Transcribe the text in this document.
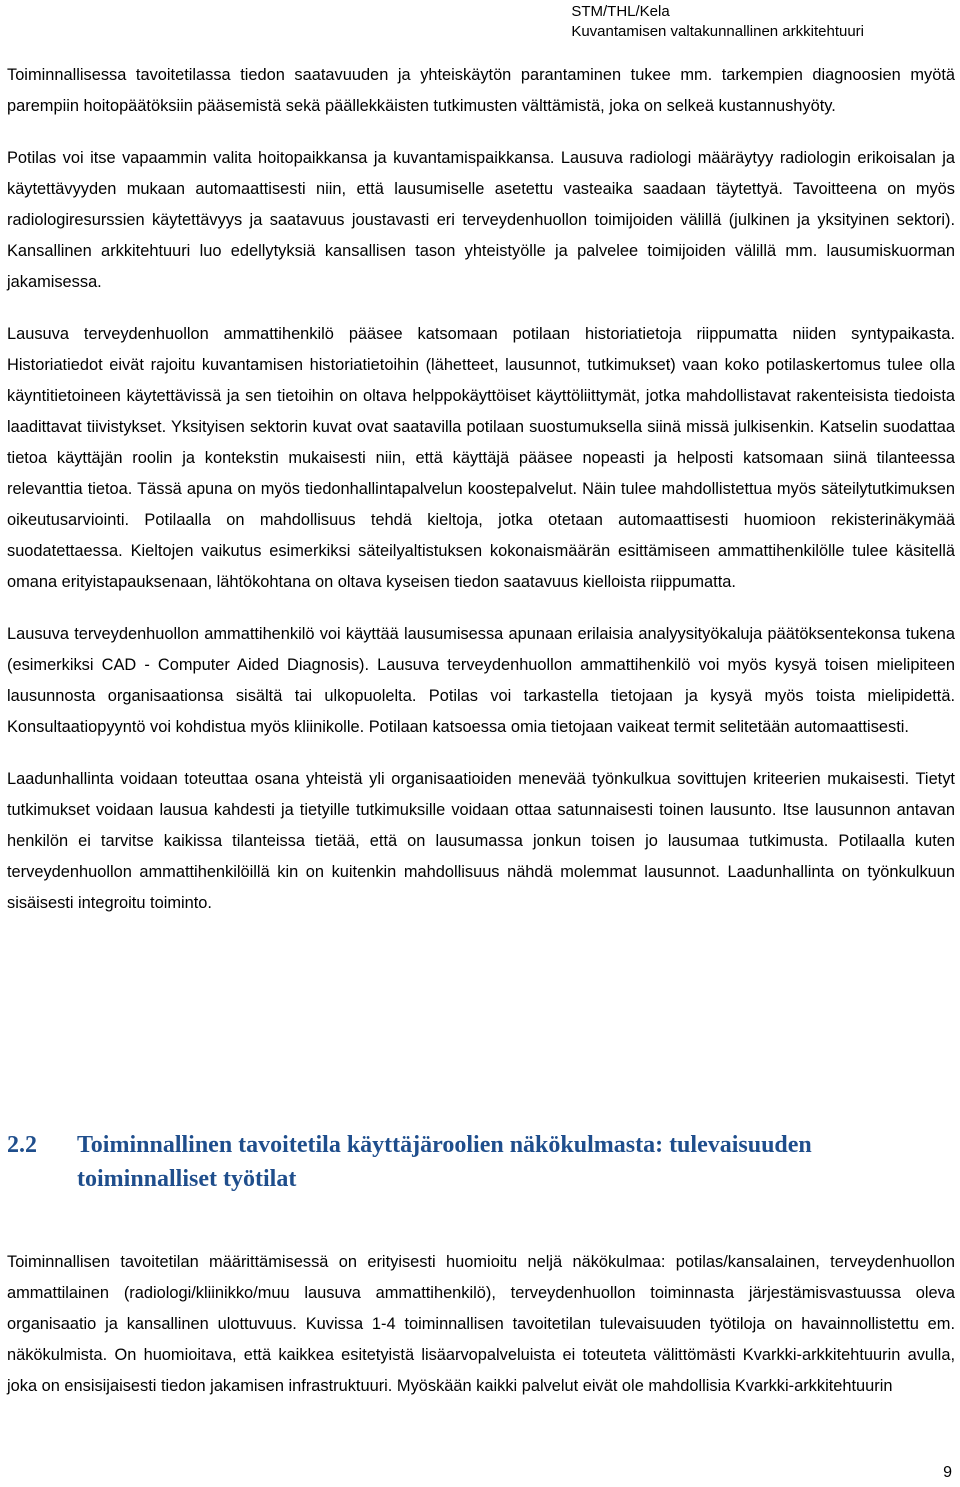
STM/THL/Kela
Kuvantamisen valtakunnallinen arkkitehtuuri

Toiminnallisessa tavoitetilassa tiedon saatavuuden ja yhteiskäytön parantaminen tukee mm. tarkempien diagnoosien myötä parempiin hoitopäätöksiin pääsemistä sekä päällekkäisten tutkimusten välttämistä, joka on selkeä kustannushyöty.

Potilas voi itse vapaammin valita hoitopaikkansa ja kuvantamispaikkansa. Lausuva radiologi määräytyy radiologin erikoisalan ja käytettävyyden mukaan automaattisesti niin, että lausumiselle asetettu vasteaika saadaan täytettyä. Tavoitteena on myös radiologiresurssien käytettävyys ja saatavuus joustavasti eri terveydenhuollon toimijoiden välillä (julkinen ja yksityinen sektori). Kansallinen arkkitehtuuri luo edellytyksiä kansallisen tason yhteistyölle ja palvelee toimijoiden välillä mm. lausumiskuorman jakamisessa.

Lausuva terveydenhuollon ammattihenkilö pääsee katsomaan potilaan historiatietoja riippumatta niiden syntypaikasta. Historiatiedot eivät rajoitu kuvantamisen historiatietoihin (lähetteet, lausunnot, tutkimukset) vaan koko potilaskertomus tulee olla käyntitietoineen käytettävissä ja sen tietoihin on oltava helppokäyttöiset käyttöliittymät, jotka mahdollistavat rakenteisista tiedoista laadittavat tiivistykset. Yksityisen sektorin kuvat ovat saatavilla potilaan suostumuksella siinä missä julkisenkin. Katselin suodattaa tietoa käyttäjän roolin ja kontekstin mukaisesti niin, että käyttäjä pääsee nopeasti ja helposti katsomaan siinä tilanteessa relevanttia tietoa. Tässä apuna on myös tiedonhallintapalvelun koostepalvelut. Näin tulee mahdollistettua myös säteilytutkimuksen oikeutusarviointi. Potilaalla on mahdollisuus tehdä kieltoja, jotka otetaan automaattisesti huomioon rekisterinäkymää suodatettaessa. Kieltojen vaikutus esimerkiksi säteilyaltistuksen kokonaismäärän esittämiseen ammattihenkilölle tulee käsitellä omana erityistapauksenaan, lähtökohtana on oltava kyseisen tiedon saatavuus kielloista riippumatta.

Lausuva terveydenhuollon ammattihenkilö voi käyttää lausumisessa apunaan erilaisia analyysityökaluja päätöksentekonsa tukena (esimerkiksi CAD - Computer Aided Diagnosis). Lausuva terveydenhuollon ammattihenkilö voi myös kysyä toisen mielipiteen lausunnosta organisaationsa sisältä tai ulkopuolelta. Potilas voi tarkastella tietojaan ja kysyä myös toista mielipidettä. Konsultaatiopyyntö voi kohdistua myös kliinikolle. Potilaan katsoessa omia tietojaan vaikeat termit selitetään automaattisesti.

Laadunhallinta voidaan toteuttaa osana yhteistä yli organisaatioiden menevää työnkulkua sovittujen kriteerien mukaisesti. Tietyt tutkimukset voidaan lausua kahdesti ja tietyille tutkimuksille voidaan ottaa satunnaisesti toinen lausunto. Itse lausunnon antavan henkilön ei tarvitse kaikissa tilanteissa tietää, että on lausumassa jonkun toisen jo lausumaa tutkimusta. Potilaalla kuten terveydenhuollon ammattihenkilöillä kin on kuitenkin mahdollisuus nähdä molemmat lausunnot. Laadunhallinta on työnkulkuun sisäisesti integroitu toiminto.

2.2	Toiminnallinen tavoitetila käyttäjäroolien näkökulmasta: tulevaisuuden toiminnalliset työtilat

Toiminnallisen tavoitetilan määrittämisessä on erityisesti huomioitu neljä näkökulmaa: potilas/kansalainen, terveydenhuollon ammattilainen (radiologi/kliinikko/muu lausuva ammattihenkilö), terveydenhuollon toiminnasta järjestämisvastuussa oleva organisaatio ja kansallinen ulottuvuus. Kuvissa 1-4 toiminnallisen tavoitetilan tulevaisuuden työtiloja on havainnollistettu em. näkökulmista. On huomioitava, että kaikkea esitetyistä lisäarvopalveluista ei toteuteta välittömästi Kvarkki-arkkitehtuurin avulla, joka on ensisijaisesti tiedon jakamisen infrastruktuuri. Myöskään kaikki palvelut eivät ole mahdollisia Kvarkki-arkkitehtuurin

9
